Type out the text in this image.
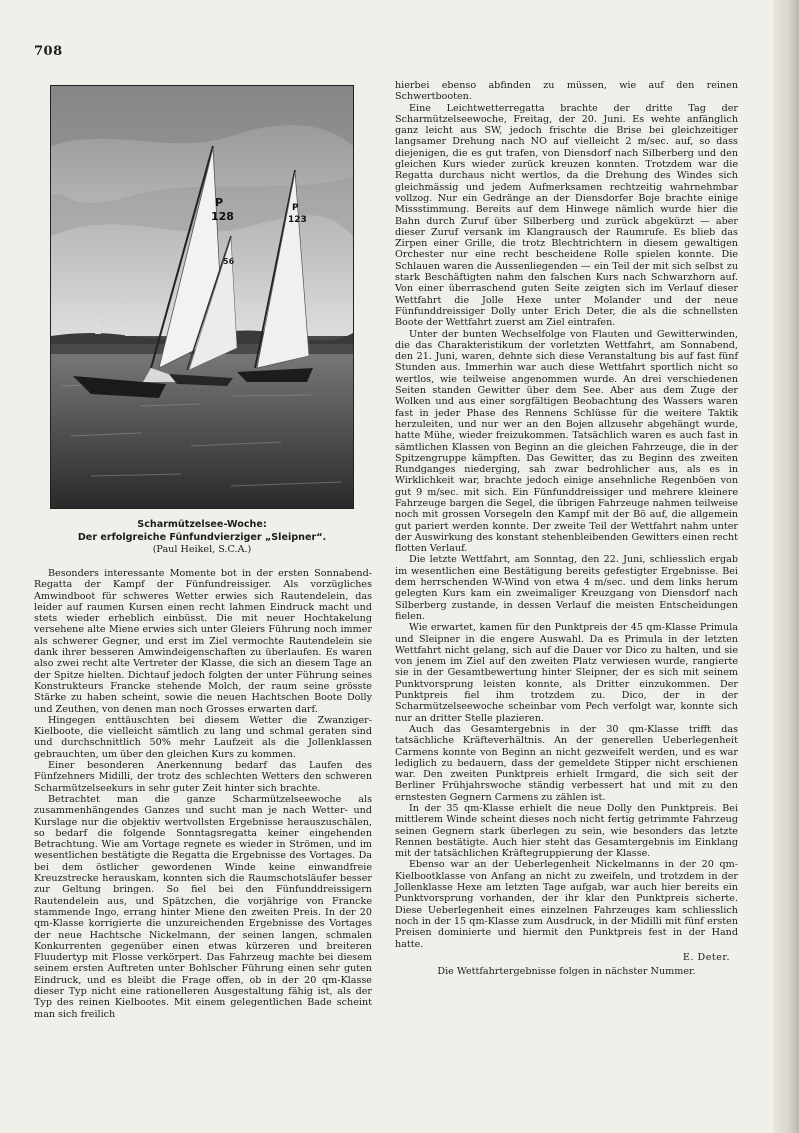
708
P
128
56
P
123
Scharmützelsee-Woche:
Der erfolgreiche Fünfundvierziger „Sleipner“.
(Paul Heikel, S.C.A.)

Besonders interessante Momente bot in der ersten Sonnabend-Regatta der Kampf der Fünfundreissiger. Als vorzügliches Amwindboot für schweres Wetter erwies sich Rautendelein, das leider auf raumen Kursen einen recht lahmen Eindruck macht und stets wieder erheblich einbüsst. Die mit neuer Hochtakelung versehene alte Miene erwies sich unter Gleiers Führung noch immer als schwerer Gegner, und erst im Ziel vermochte Rautendelein sie dank ihrer besseren Amwindeigenschaften zu überlaufen. Es waren also zwei recht alte Vertreter der Klasse, die sich an diesem Tage an der Spitze hielten. Dichtauf jedoch folgten der unter Führung seines Konstrukteurs Francke stehende Molch, der raum seine grösste Stärke zu haben scheint, sowie die neuen Hachtschen Boote Dolly und Zeuthen, von denen man noch Grosses erwarten darf.

Hingegen enttäuschten bei diesem Wetter die Zwanziger-Kielboote, die vielleicht sämtlich zu lang und schmal geraten sind und durchschnittlich 50% mehr Laufzeit als die Jollenklassen gebrauchten, um über den gleichen Kurs zu kommen.

Einer besonderen Anerkennung bedarf das Laufen des Fünfzehners Midilli, der trotz des schlechten Wetters den schweren Scharmützelseekurs in sehr guter Zeit hinter sich brachte.

Betrachtet man die ganze Scharmützelseewoche als zusammenhängendes Ganzes und sucht man je nach Wetter- und Kurslage nur die objektiv wertvollsten Ergebnisse herauszuschälen, so bedarf die folgende Sonntagsregatta keiner eingehenden Betrachtung. Wie am Vortage regnete es wieder in Strömen, und im wesentlichen bestätigte die Regatta die Ergebnisse des Vortages. Da bei dem östlicher gewordenen Winde keine einwandfreie Kreuzstrecke herauskam, konnten sich die Raumschotsläufer besser zur Geltung bringen. So fiel bei den Fünfunddreissigern Rautendelein aus, und Spätzchen, die vorjährige von Francke stammende Ingo, errang hinter Miene den zweiten Preis. In der 20 qm-Klasse korrigierte die unzureichenden Ergebnisse des Vortages der neue Hachtsche Nickelmann, der seinen langen, schmalen Konkurrenten gegenüber einen etwas kürzeren und breiteren Fluudertyp mit Flosse verkörpert. Das Fahrzeug machte bei diesem seinem ersten Auftreten unter Bohlscher Führung einen sehr guten Eindruck, und es bleibt die Frage offen, ob in der 20 qm-Klasse dieser Typ nicht eine rationelleren Ausgestaltung fähig ist, als der Typ des reinen Kielbootes. Mit einem gelegentlichen Bade scheint man sich freilich

hierbei ebenso abfinden zu müssen, wie auf den reinen Schwertbooten.

Eine Leichtwetterregatta brachte der dritte Tag der Scharmützelseewoche, Freitag, der 20. Juni. Es wehte anfänglich ganz leicht aus SW, jedoch frischte die Brise bei gleichzeitiger langsamer Drehung nach NO auf vielleicht 2 m/sec. auf, so dass diejenigen, die es gut trafen, von Diensdorf nach Silberberg und den gleichen Kurs wieder zurück kreuzen konnten. Trotzdem war die Regatta durchaus nicht wertlos, da die Drehung des Windes sich gleichmässig und jedem Aufmerksamen rechtzeitig wahrnehmbar vollzog. Nur ein Gedränge an der Diensdorfer Boje brachte einige Missstimmung. Bereits auf dem Hinwege nämlich wurde hier die Bahn durch Zuruf über Silberberg und zurück abgekürzt — aber dieser Zuruf versank im Klangrausch der Raumrufe. Es blieb das Zirpen einer Grille, die trotz Blechtrichtern in diesem gewaltigen Orchester nur eine recht bescheidene Rolle spielen konnte. Die Schlauen waren die Aussenliegenden — ein Teil der mit sich selbst zu stark Beschäftigten nahm den falschen Kurs nach Schwarzhorn auf. Von einer überraschend guten Seite zeigten sich im Verlauf dieser Wettfahrt die Jolle Hexe unter Molander und der neue Fünfunddreissiger Dolly unter Erich Deter, die als die schnellsten Boote der Wettfahrt zuerst am Ziel eintrafen.

Unter der bunten Wechselfolge von Flauten und Gewitterwinden, die das Charakteristikum der vorletzten Wettfahrt, am Sonnabend, den 21. Juni, waren, dehnte sich diese Veranstaltung bis auf fast fünf Stunden aus. Immerhin war auch diese Wettfahrt sportlich nicht so wertlos, wie teilweise angenommen wurde. An drei verschiedenen Seiten standen Gewitter über dem See. Aber aus dem Zuge der Wolken und aus einer sorgfältigen Beobachtung des Wassers waren fast in jeder Phase des Rennens Schlüsse für die weitere Taktik herzuleiten, und nur wer an den Bojen allzusehr abgehängt wurde, hatte Mühe, wieder freizukommen. Tatsächlich waren es auch fast in sämtlichen Klassen von Beginn an die gleichen Fahrzeuge, die in der Spitzengruppe kämpften. Das Gewitter, das zu Beginn des zweiten Rundganges niederging, sah zwar bedrohlicher aus, als es in Wirklichkeit war, brachte jedoch einige ansehnliche Regenböen von gut 9 m/sec. mit sich. Ein Fünfunddreissiger und mehrere kleinere Fahrzeuge bargen die Segel, die übrigen Fahrzeuge nahmen teilweise noch mit grossen Vorsegeln den Kampf mit der Bö auf, die allgemein gut pariert werden konnte. Der zweite Teil der Wettfahrt nahm unter der Auswirkung des konstant stehenbleibenden Gewitters einen recht flotten Verlauf.

Die letzte Wettfahrt, am Sonntag, den 22. Juni, schliesslich ergab im wesentlichen eine Bestätigung bereits gefestigter Ergebnisse. Bei dem herrschenden W-Wind von etwa 4 m/sec. und dem links herum gelegten Kurs kam ein zweimaliger Kreuzgang von Diensdorf nach Silberberg zustande, in dessen Verlauf die meisten Entscheidungen fielen.

Wie erwartet, kamen für den Punktpreis der 45 qm-Klasse Primula und Sleipner in die engere Auswahl. Da es Primula in der letzten Wettfahrt nicht gelang, sich auf die Dauer vor Dico zu halten, und sie von jenem im Ziel auf den zweiten Platz verwiesen wurde, rangierte sie in der Gesamtbewertung hinter Sleipner, der es sich mit seinem Punktvorsprung leisten konnte, als Dritter einzukommen. Der Punktpreis fiel ihm trotzdem zu. Dico, der in der Scharmützelseewoche scheinbar vom Pech verfolgt war, konnte sich nur an dritter Stelle plazieren.

Auch das Gesamtergebnis in der 30 qm-Klasse trifft das tatsächliche Kräfteverhältnis. An der generellen Ueberlegenheit Carmens konnte von Beginn an nicht gezweifelt werden, und es war lediglich zu bedauern, dass der gemeldete Stipper nicht erschienen war. Den zweiten Punktpreis erhielt Irmgard, die sich seit der Berliner Frühjahrswoche ständig verbessert hat und mit zu den ernstesten Gegnern Carmens zu zählen ist.

In der 35 qm-Klasse erhielt die neue Dolly den Punktpreis. Bei mittlerem Winde scheint dieses noch nicht fertig getrimmte Fahrzeug seinen Gegnern stark überlegen zu sein, wie besonders das letzte Rennen bestätigte. Auch hier steht das Gesamtergebnis im Einklang mit der tatsächlichen Kräftegruppierung der Klasse.

Ebenso war an der Ueberlegenheit Nickelmanns in der 20 qm-Kielbootklasse von Anfang an nicht zu zweifeln, und trotzdem in der Jollenklasse Hexe am letzten Tage aufgab, war auch hier bereits ein Punktvorsprung vorhanden, der ihr klar den Punktpreis sicherte. Diese Ueberlegenheit eines einzelnen Fahrzeuges kam schliesslich noch in der 15 qm-Klasse zum Ausdruck, in der Midilli mit fünf ersten Preisen dominierte und hiermit den Punktpreis fest in der Hand hatte.

E. Deter.
Die Wettfahrtergebnisse folgen in nächster Nummer.
